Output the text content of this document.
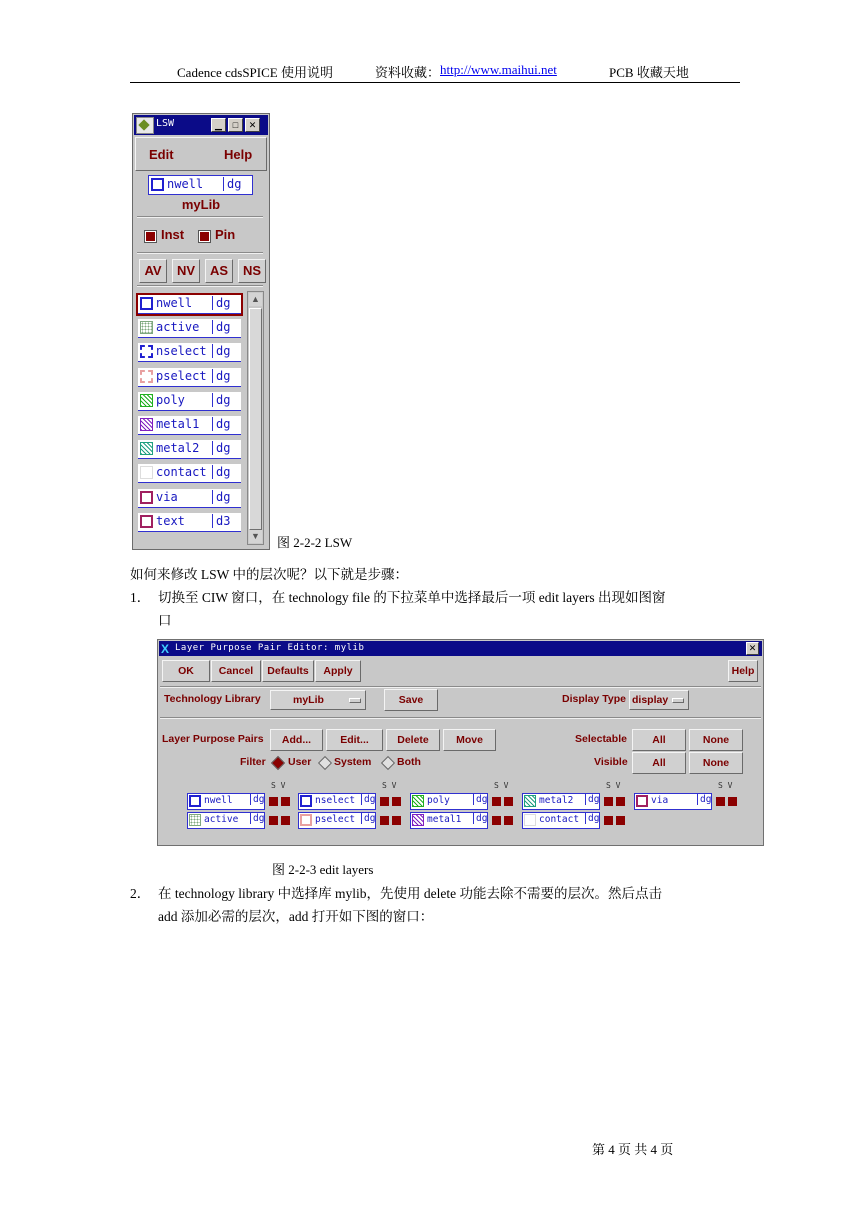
Cadence cdsSPICE 使用说明	资料收藏： http://www.maihui.net	PCB 收藏天地
LSW	▁	□	✕
Edit	Help
nwell	dg
myLib
Inst Pin
AV	NV	AS	NS
nwell	dg
active	dg
nselect dg
pselect dg
poly	dg
metal1	dg
metal2	dg
contact dg
via	dg
text	d3
▲
▼ 图 2-2-2 LSW
如何来修改 LSW 中的层次呢？以下就是步骤：
1． 切换至 CIW 窗口，在 technology file 的下拉菜单中选择最后一项 edit layers 出现如图窗
口
X Layer Purpose Pair Editor: mylib	✕
OK	Cancel	Defaults	Apply	Help
Technology Library	myLib	Save	Display Type display
Layer Purpose Pairs	Add...	Edit...	Delete	Move	Selectable	All	None
Filter User System Both	Visible	All	None
S V	S V	S V	S V	S V
nwell	dg	nselect dg	poly	dg	metal2	dg	via	dg
active	dg	pselect dg	metal1	dg	contact dg
图 2-2-3 edit layers
2． 在 technology library 中选择库 mylib，先使用 delete 功能去除不需要的层次。然后点击
add 添加必需的层次，add 打开如下图的窗口：
第 4 页 共 4 页
